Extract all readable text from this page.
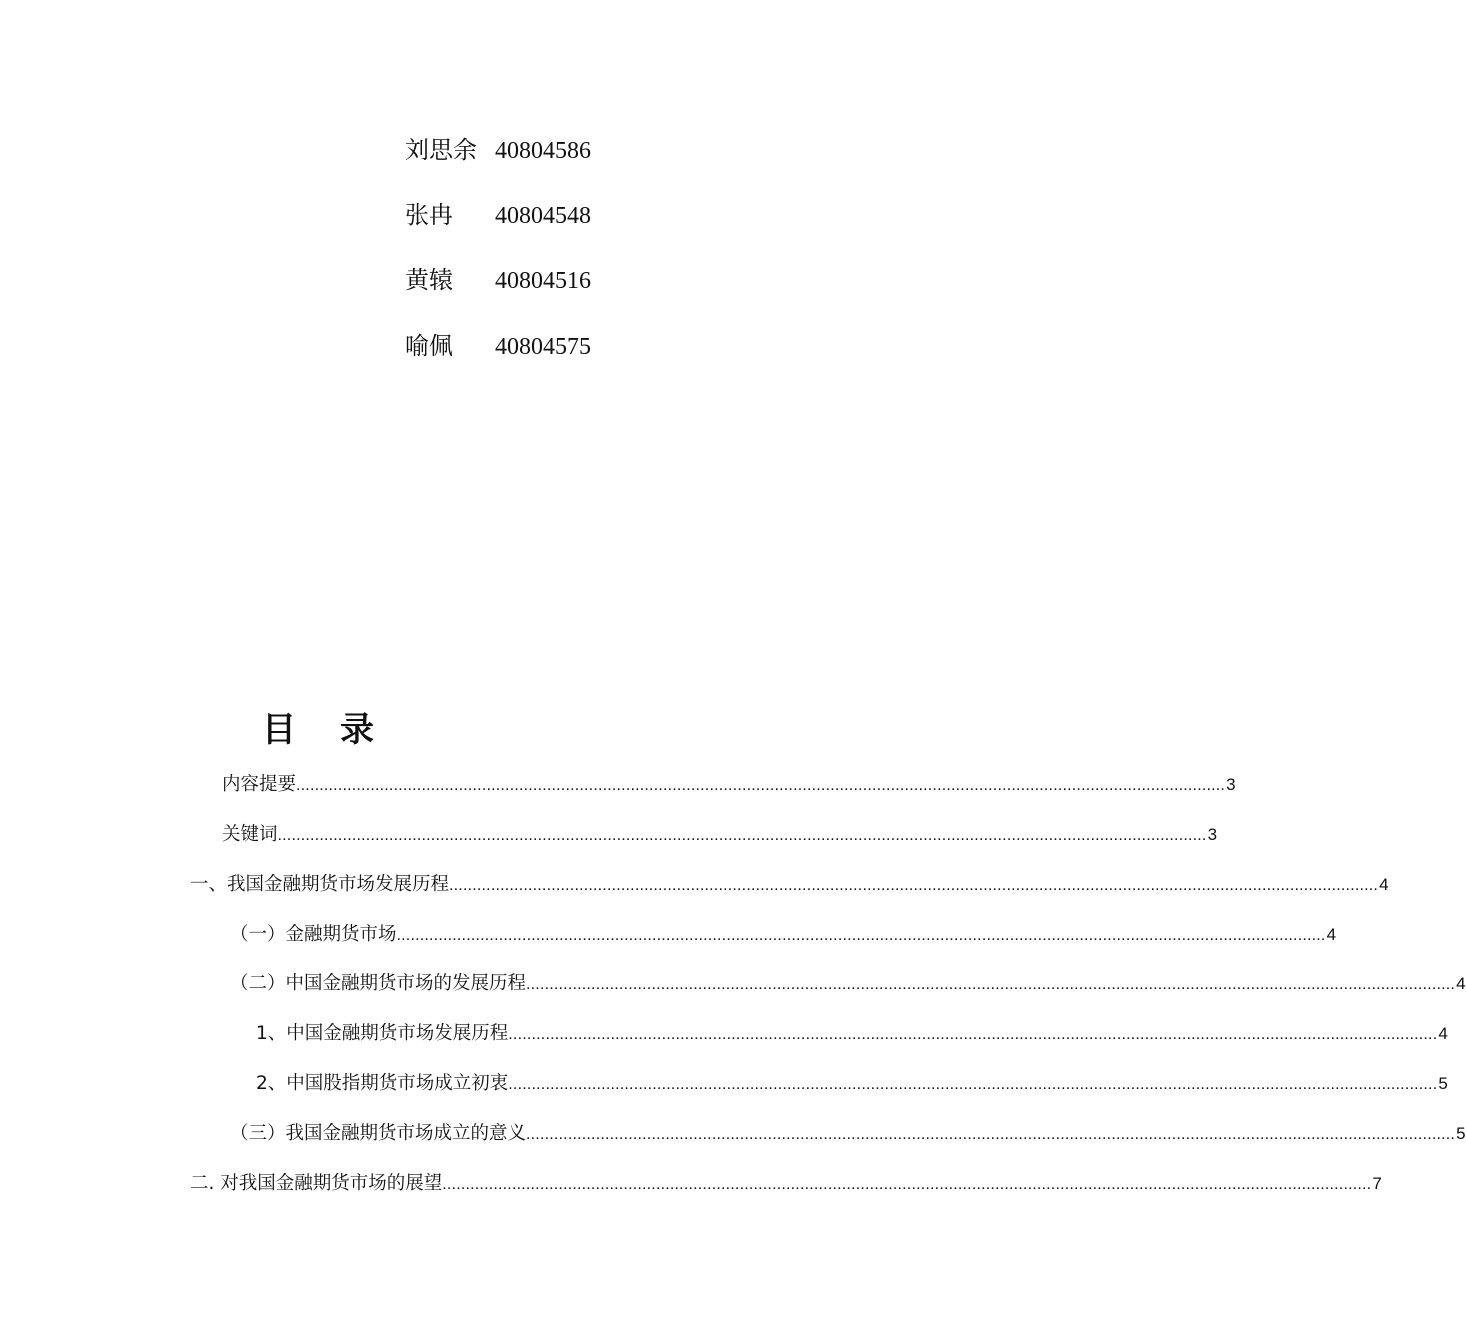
刘思余 40804586
张冉 40804548
黄辕 40804516
喻佩 40804575
目录
内容提要 ........................................................................................................................................................................................................ 3
关键词 ........................................................................................................................................................................................................ 3
一、我国金融期货市场发展历程 ........................................................................................................................................................................................................ 4
（一）金融期货市场 ........................................................................................................................................................................................................ 4
（二）中国金融期货市场的发展历程 ........................................................................................................................................................................................................ 4
1、中国金融期货市场发展历程 ........................................................................................................................................................................................................ 4
2、中国股指期货市场成立初衷 ........................................................................................................................................................................................................ 5
（三）我国金融期货市场成立的意义 ........................................................................................................................................................................................................ 5
二. 对我国金融期货市场的展望 ........................................................................................................................................................................................................ 7
